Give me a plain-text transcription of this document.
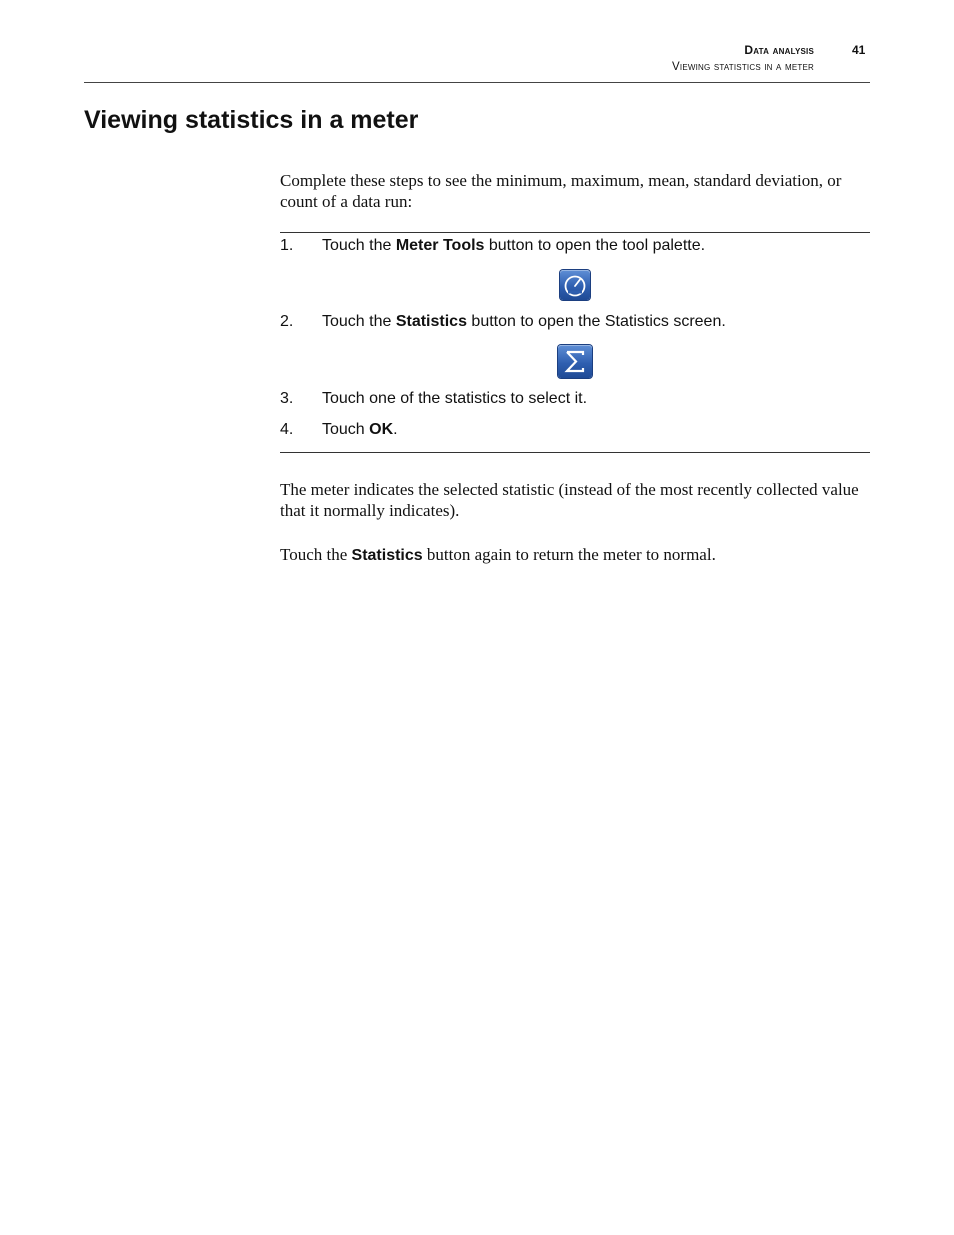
Data analysis
Viewing statistics in a meter
41
Viewing statistics in a meter

Complete these steps to see the minimum, maximum, mean, standard deviation, or count of a data run:

1. Touch the Meter Tools button to open the tool palette.
2. Touch the Statistics button to open the Statistics screen.
3. Touch one of the statistics to select it.
4. Touch OK.

The meter indicates the selected statistic (instead of the most recently collected value that it normally indicates).

Touch the Statistics button again to return the meter to normal.
